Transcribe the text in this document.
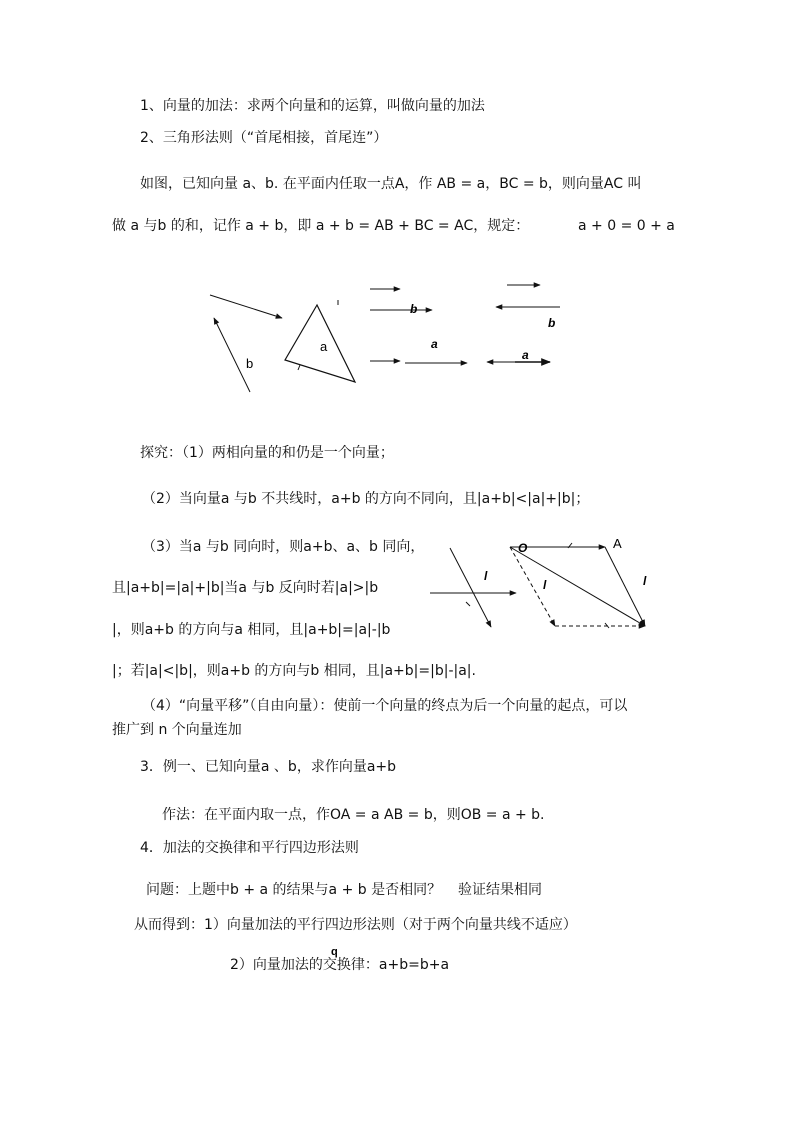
1、向量的加法：求两个向量和的运算，叫做向量的加法
2、三角形法则（“首尾相接，首尾连”）
如图，已知向量 a、b. 在平面内任取一点A，作 AB = a，BC = b，则向量AC 叫
做 a 与b 的和，记作 a + b，即 a + b = AB + BC = AC，规定：	a + 0 = 0 + a
b
a
b
a
a
b
O	A
l
l	l
q
探究：（1）两相向量的和仍是一个向量；
（2）当向量a 与b 不共线时，a+b 的方向不同向，且|a+b|<|a|+|b|；
（3）当a 与b 同向时，则a+b、a、b 同向，
且|a+b|=|a|+|b|当a 与b 反向时若|a|>|b
|，则a+b 的方向与a 相同，且|a+b|=|a|-|b
|；若|a|<|b|，则a+b 的方向与b 相同，且|a+b|=|b|-|a|.
（4）“向量平移”（自由向量）：使前一个向量的终点为后一个向量的起点，可以
推广到 n 个向量连加
3．例一、已知向量a 、b，求作向量a+b
作法：在平面内取一点，作OA = a AB = b，则OB = a + b.
4．加法的交换律和平行四边形法则
问题：上题中b + a 的结果与a + b 是否相同？ 验证结果相同
从而得到：1）向量加法的平行四边形法则（对于两个向量共线不适应）
2）向量加法的交换律：a+b=b+a
